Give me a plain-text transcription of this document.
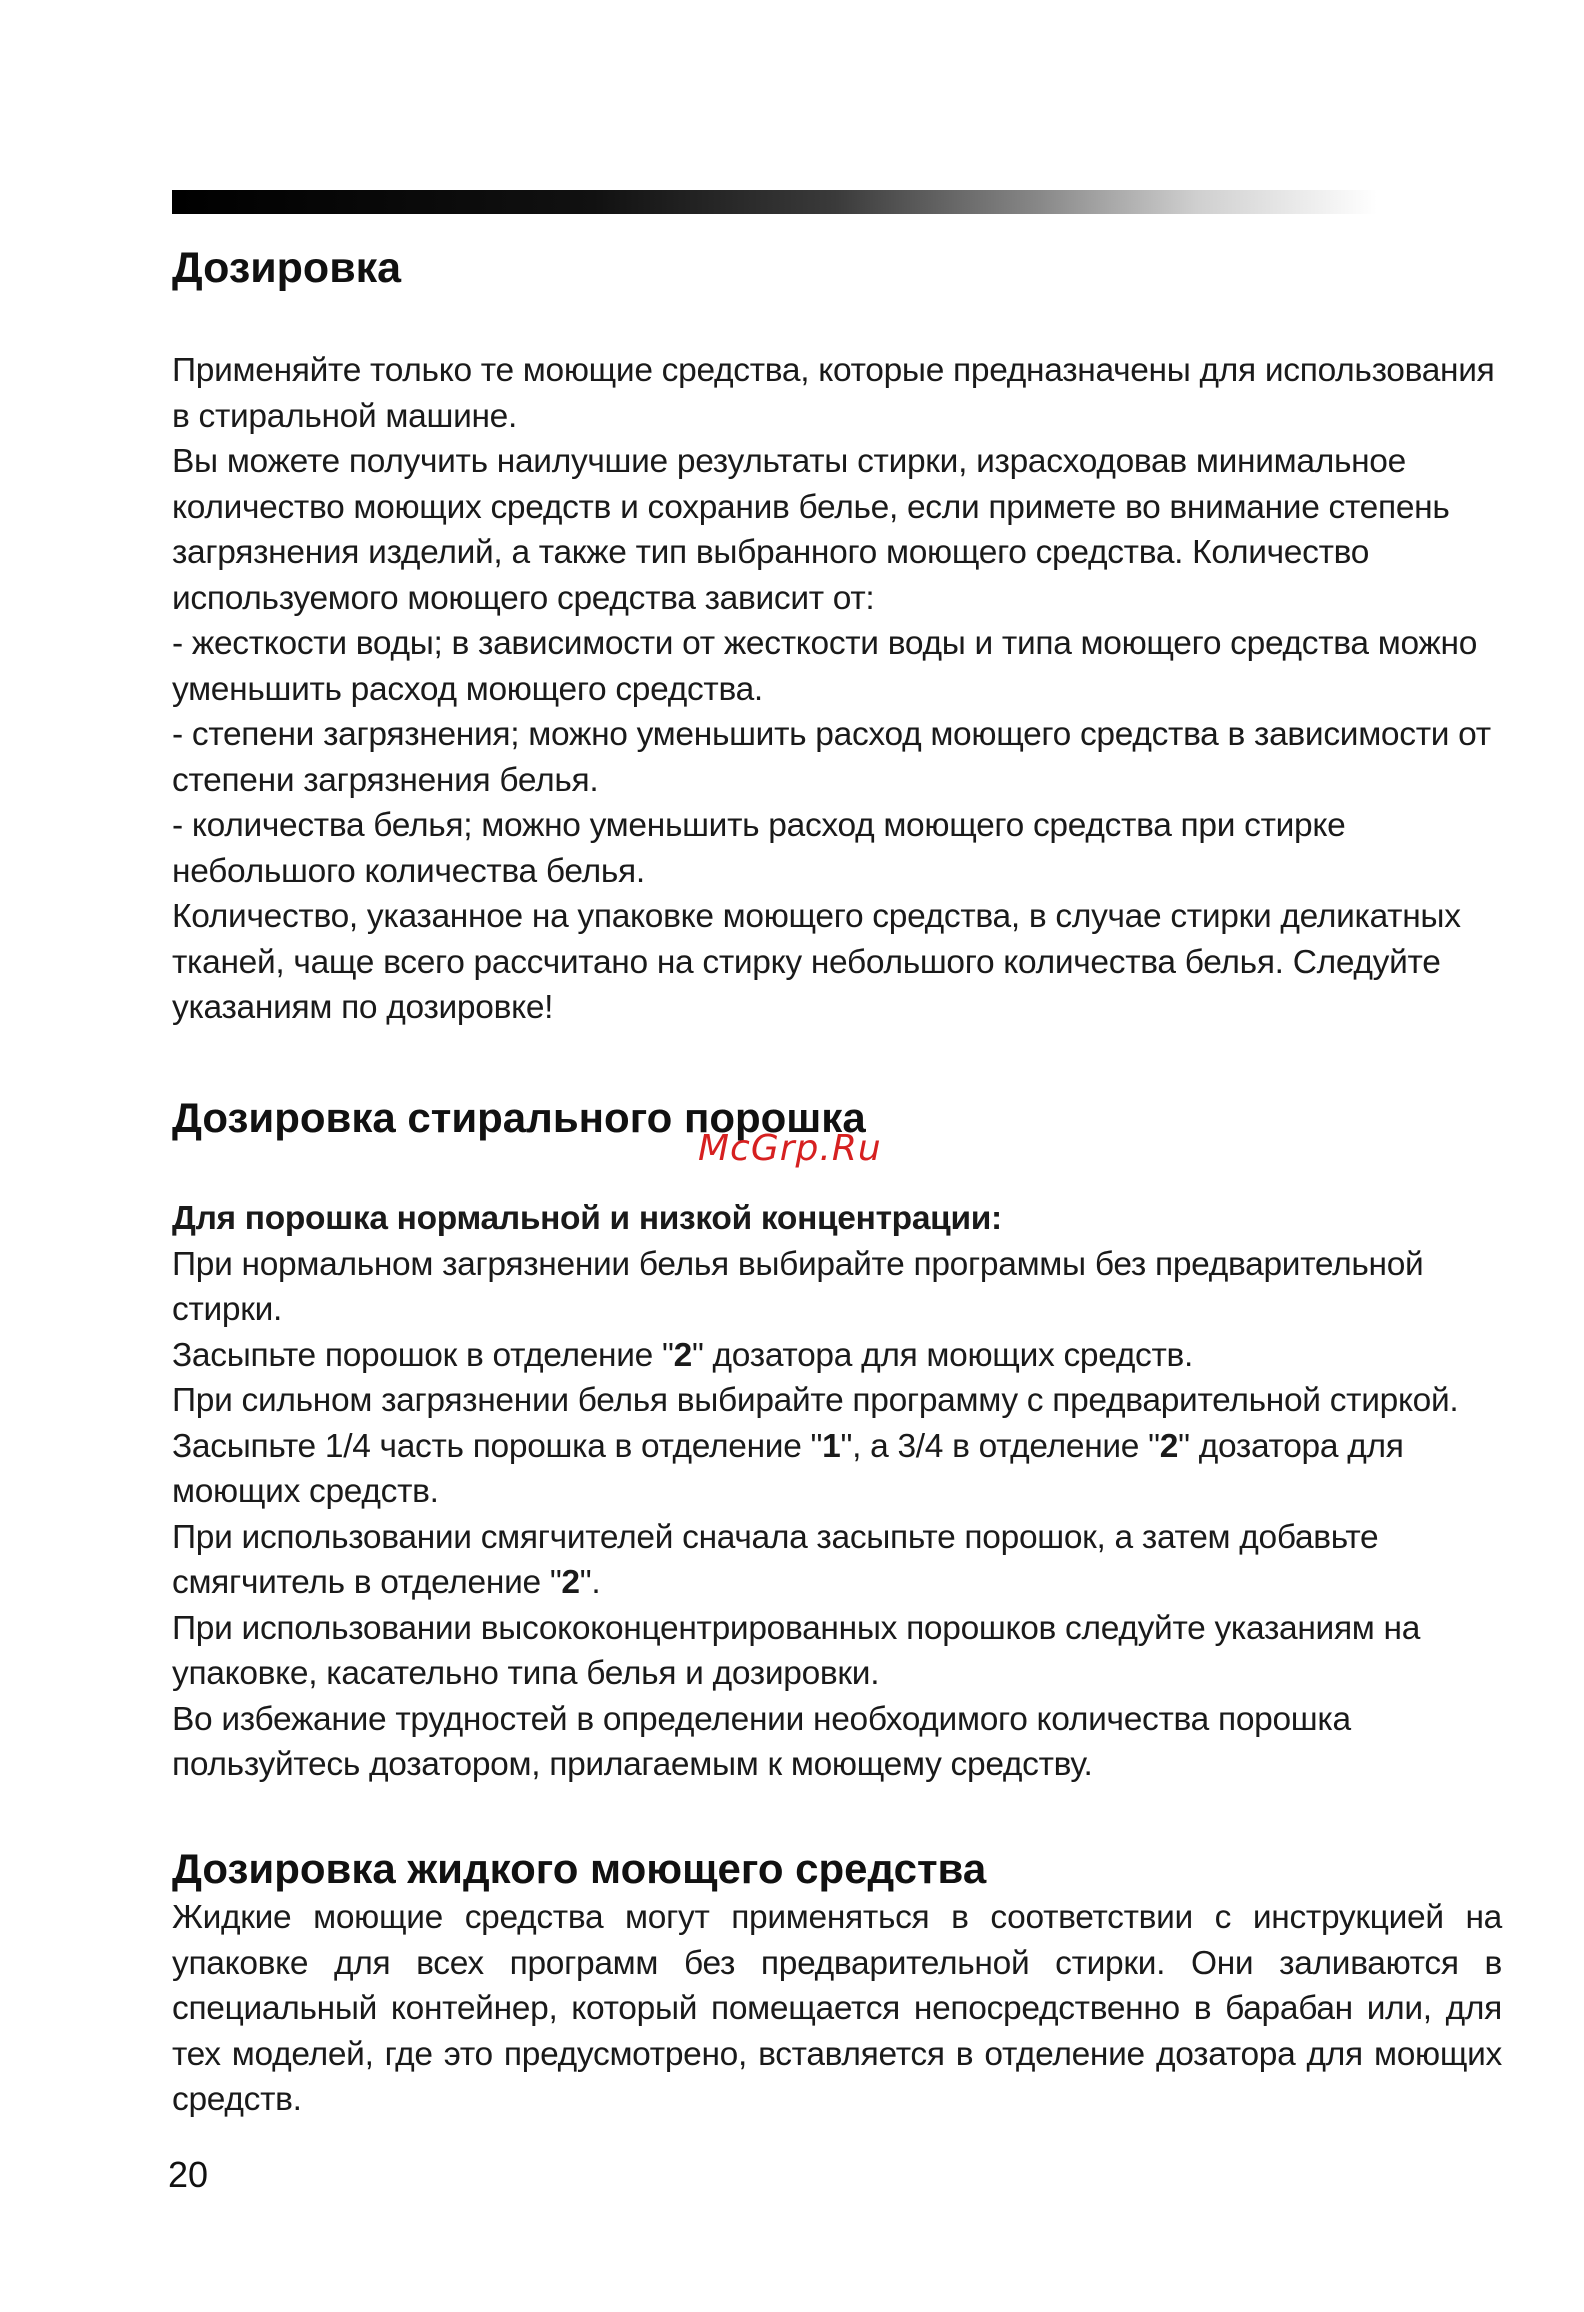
Дозировка

Применяйте только те моющие средства, которые предназначены для использования в стиральной машине.

Вы можете получить наилучшие результаты стирки, израсходовав минимальное количество моющих средств и сохранив белье, если примете во внимание степень загрязнения изделий, а также тип выбранного моющего средства. Количество используемого моющего средства зависит от:

- жесткости воды; в зависимости от жесткости воды и типа моющего средства можно уменьшить расход моющего средства.

- степени загрязнения; можно уменьшить расход моющего средства в зависимости от степени загрязнения белья.

- количества белья; можно уменьшить расход моющего средства при стирке небольшого количества белья.

Количество, указанное на упаковке моющего средства, в случае стирки деликатных тканей, чаще всего рассчитано на стирку небольшого количества белья. Следуйте указаниям по дозировке!

Дозировка стирального порошка
McGrp.Ru

Для порошка нормальной и низкой концентрации:

При нормальном загрязнении белья выбирайте программы без предварительной стирки.

Засыпьте порошок в отделение "2" дозатора для моющих средств.

При сильном загрязнении белья выбирайте программу с предварительной стиркой.

Засыпьте 1/4 часть порошка в отделение "1", а 3/4 в отделение "2" дозатора для моющих средств.

При использовании смягчителей сначала засыпьте порошок, а затем добавьте смягчитель в отделение "2".

При использовании высококонцентрированных порошков следуйте указаниям на упаковке, касательно типа белья и дозировки.

Во избежание трудностей в определении необходимого количества порошка пользуйтесь дозатором, прилагаемым к моющему средству.

Дозировка жидкого моющего средства

Жидкие моющие средства могут применяться в соответствии с инструкцией на упаковке для всех программ без предварительной стирки. Они заливаются в специальный контейнер, который помещается непосредственно в барабан или, для тех моделей, где это предусмотрено, вставляется в отделение дозатора для моющих средств.

20
